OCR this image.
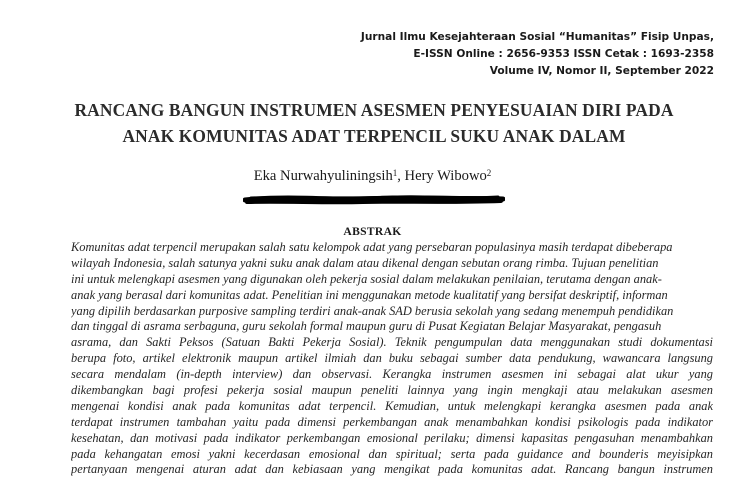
Jurnal Ilmu Kesejahteraan Sosial “Humanitas” Fisip Unpas,
E-ISSN Online : 2656-9353 ISSN Cetak : 1693-2358
Volume IV, Nomor II, September 2022
RANCANG BANGUN INSTRUMEN ASESMEN PENYESUAIAN DIRI PADA
ANAK KOMUNITAS ADAT TERPENCIL SUKU ANAK DALAM
Eka Nurwahyuliningsih$^1$, Hery Wibowo$^2$
ABSTRAK
Komunitas adat terpencil merupakan salah satu kelompok adat yang persebaran populasinya masih terdapat dibeberapa
wilayah Indonesia, salah satunya yakni suku anak dalam atau dikenal dengan sebutan orang rimba. Tujuan penelitian
ini untuk melengkapi asesmen yang digunakan oleh pekerja sosial dalam melakukan penilaian, terutama dengan anak-
anak yang berasal dari komunitas adat. Penelitian ini menggunakan metode kualitatif yang bersifat deskriptif, informan
yang dipilih berdasarkan purposive sampling terdiri anak-anak SAD berusia sekolah yang sedang menempuh pendidikan
dan tinggal di asrama serbaguna, guru sekolah formal maupun guru di Pusat Kegiatan Belajar Masyarakat, pengasuh
asrama, dan Sakti Peksos (Satuan Bakti Pekerja Sosial). Teknik pengumpulan data menggunakan studi dokumentasi
berupa foto, artikel elektronik maupun artikel ilmiah dan buku sebagai sumber data pendukung, wawancara langsung
secara mendalam (in-depth interview) dan observasi. Kerangka instrumen asesmen ini sebagai alat ukur yang
dikembangkan bagi profesi pekerja sosial maupun peneliti lainnya yang ingin mengkaji atau melakukan asesmen
mengenai kondisi anak pada komunitas adat terpencil. Kemudian, untuk melengkapi kerangka asesmen pada anak
terdapat instrumen tambahan yaitu pada dimensi perkembangan anak menambahkan kondisi psikologis pada indikator
kesehatan, dan motivasi pada indikator perkembangan emosional perilaku; dimensi kapasitas pengasuhan menambahkan
pada kehangatan emosi yakni kecerdasan emosional dan spiritual; serta pada guidance and bounderis meyisipkan
pertanyaan mengenai aturan adat dan kebiasaan yang mengikat pada komunitas adat. Rancang bangun instrumen
